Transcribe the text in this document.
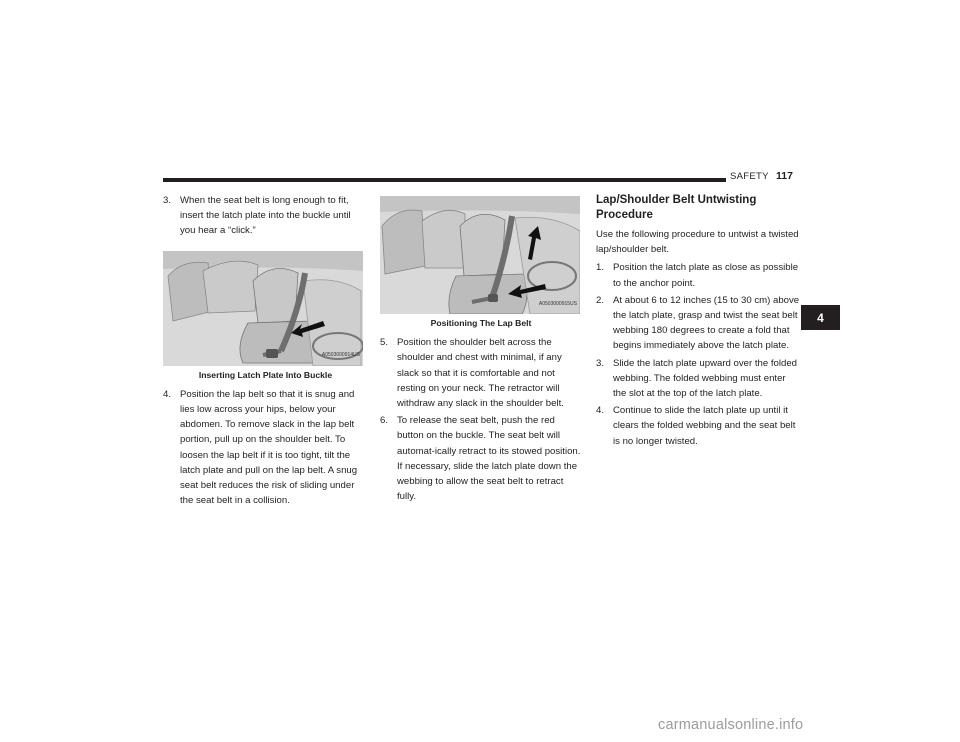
SAFETY 117
4
3. When the seat belt is long enough to fit, insert the latch plate into the buckle until you hear a “click.”
A0503000914US
Inserting Latch Plate Into Buckle
4. Position the lap belt so that it is snug and lies low across your hips, below your abdomen. To remove slack in the lap belt portion, pull up on the shoulder belt. To loosen the lap belt if it is too tight, tilt the latch plate and pull on the lap belt. A snug seat belt reduces the risk of sliding under the seat belt in a collision.
A0503000915US
Positioning The Lap Belt
5. Position the shoulder belt across the shoulder and chest with minimal, if any slack so that it is comfortable and not resting on your neck. The retractor will withdraw any slack in the shoulder belt.
6. To release the seat belt, push the red button on the buckle. The seat belt will automat-ically retract to its stowed position. If necessary, slide the latch plate down the webbing to allow the seat belt to retract fully.
Lap/Shoulder Belt Untwisting Procedure
Use the following procedure to untwist a twisted lap/shoulder belt.
1. Position the latch plate as close as possible to the anchor point.
2. At about 6 to 12 inches (15 to 30 cm) above the latch plate, grasp and twist the seat belt webbing 180 degrees to create a fold that begins immediately above the latch plate.
3. Slide the latch plate upward over the folded webbing. The folded webbing must enter the slot at the top of the latch plate.
4. Continue to slide the latch plate up until it clears the folded webbing and the seat belt is no longer twisted.
carmanualsonline.info
